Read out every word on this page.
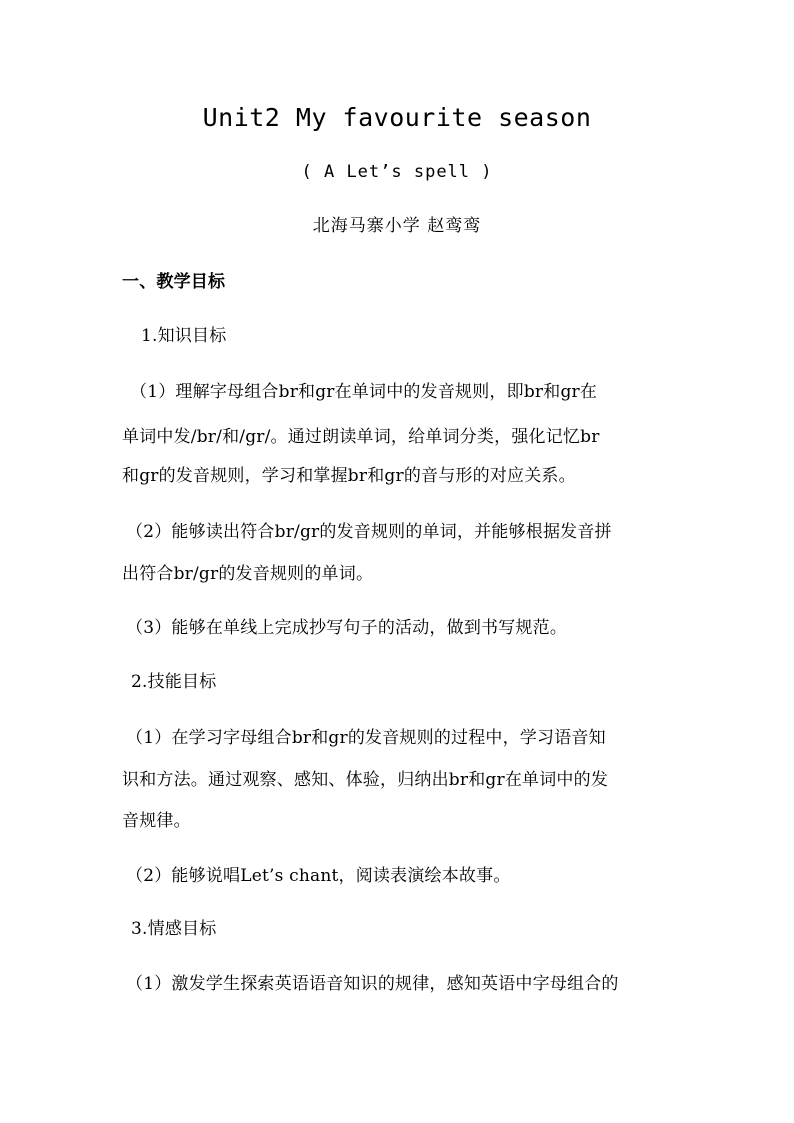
Unit2 My favourite season
( A Let’s spell )
北海马寨小学 赵鸾鸾
一、教学目标
1.知识目标
（1）理解字母组合br和gr在单词中的发音规则，即br和gr在
单词中发/br/和/gr/。通过朗读单词，给单词分类，强化记忆br
和gr的发音规则，学习和掌握br和gr的音与形的对应关系。
（2）能够读出符合br/gr的发音规则的单词，并能够根据发音拼
出符合br/gr的发音规则的单词。
（3）能够在单线上完成抄写句子的活动，做到书写规范。
2.技能目标
（1）在学习字母组合br和gr的发音规则的过程中，学习语音知
识和方法。通过观察、感知、体验，归纳出br和gr在单词中的发
音规律。
（2）能够说唱Let’s chant，阅读表演绘本故事。
3.情感目标
（1）激发学生探索英语语音知识的规律，感知英语中字母组合的
